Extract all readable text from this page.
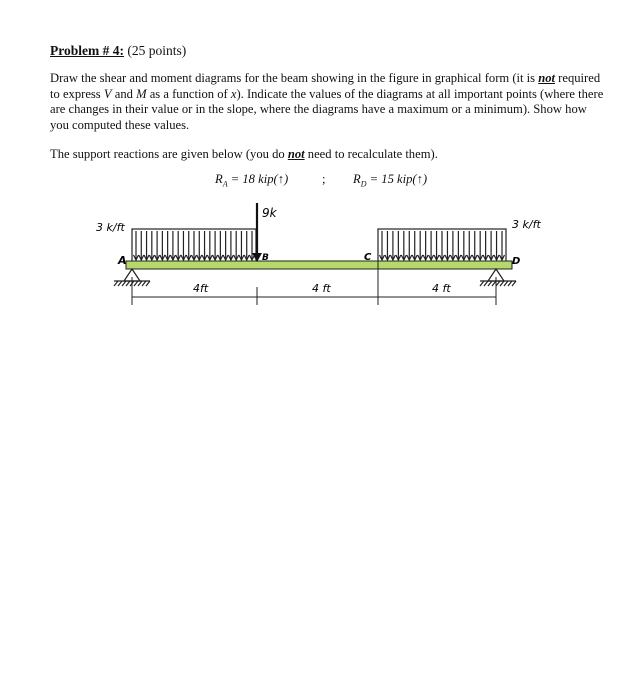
Problem # 4: (25 points)
Draw the shear and moment diagrams for the beam showing in the figure in graphical form (it is not required to express V and M as a function of x). Indicate the values of the diagrams at all important points (where there are changes in their value or in the slope, where the diagrams have a maximum or a minimum). Show how you computed these values.
The support reactions are given below (you do not need to recalculate them).
$R_A = 18$ kip(↑)	; $R_D = 15$ kip(↑)
3 k/ft	3 k/ft
9k
A	B	C	D
4ft	4 ft	4 ft
